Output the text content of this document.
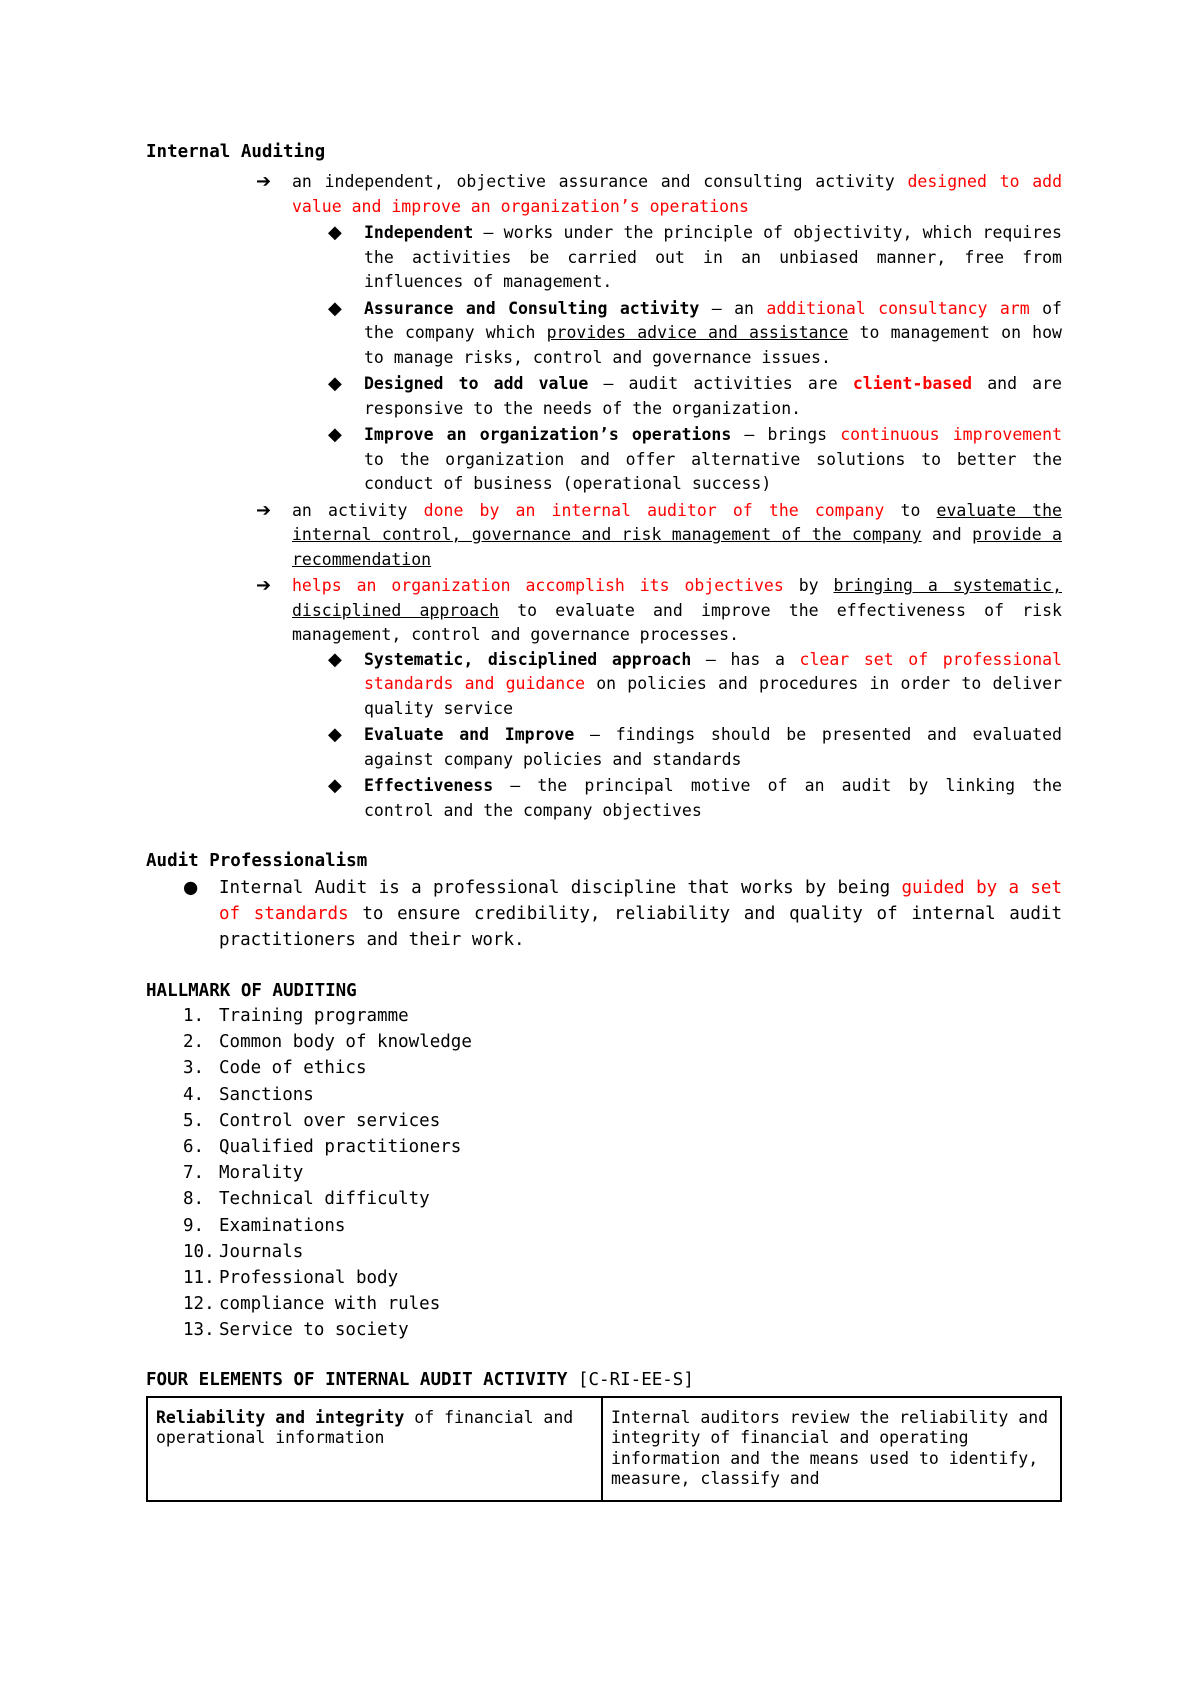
Internal Auditing

➔ an independent, objective assurance and consulting activity designed to add value and improve an organization’s operations
◆ Independent – works under the principle of objectivity, which requires the activities be carried out in an unbiased manner, free from influences of management.
◆ Assurance and Consulting activity – an additional consultancy arm of the company which provides advice and assistance to management on how to manage risks, control and governance issues.
◆ Designed to add value – audit activities are client-based and are responsive to the needs of the organization.
◆ Improve an organization’s operations – brings continuous improvement to the organization and offer alternative solutions to better the conduct of business (operational success)
➔ an activity done by an internal auditor of the company to evaluate the internal control, governance and risk management of the company and provide a recommendation
➔ helps an organization accomplish its objectives by bringing a systematic, disciplined approach to evaluate and improve the effectiveness of risk management, control and governance processes.
◆ Systematic, disciplined approach – has a clear set of professional standards and guidance on policies and procedures in order to deliver quality service
◆ Evaluate and Improve – findings should be presented and evaluated against company policies and standards
◆ Effectiveness – the principal motive of an audit by linking the control and the company objectives

Audit Professionalism

● Internal Audit is a professional discipline that works by being guided by a set of standards to ensure credibility, reliability and quality of internal audit practitioners and their work.

HALLMARK OF AUDITING

1. Training programme
2. Common body of knowledge
3. Code of ethics
4. Sanctions
5. Control over services
6. Qualified practitioners
7. Morality
8. Technical difficulty
9. Examinations
10. Journals
11. Professional body
12. compliance with rules
13. Service to society

FOUR ELEMENTS OF INTERNAL AUDIT ACTIVITY [C-RI-EE-S]

Reliability and integrity of financial and operational information	Internal auditors review the reliability and integrity of financial and operating information and the means used to identify, measure, classify and
